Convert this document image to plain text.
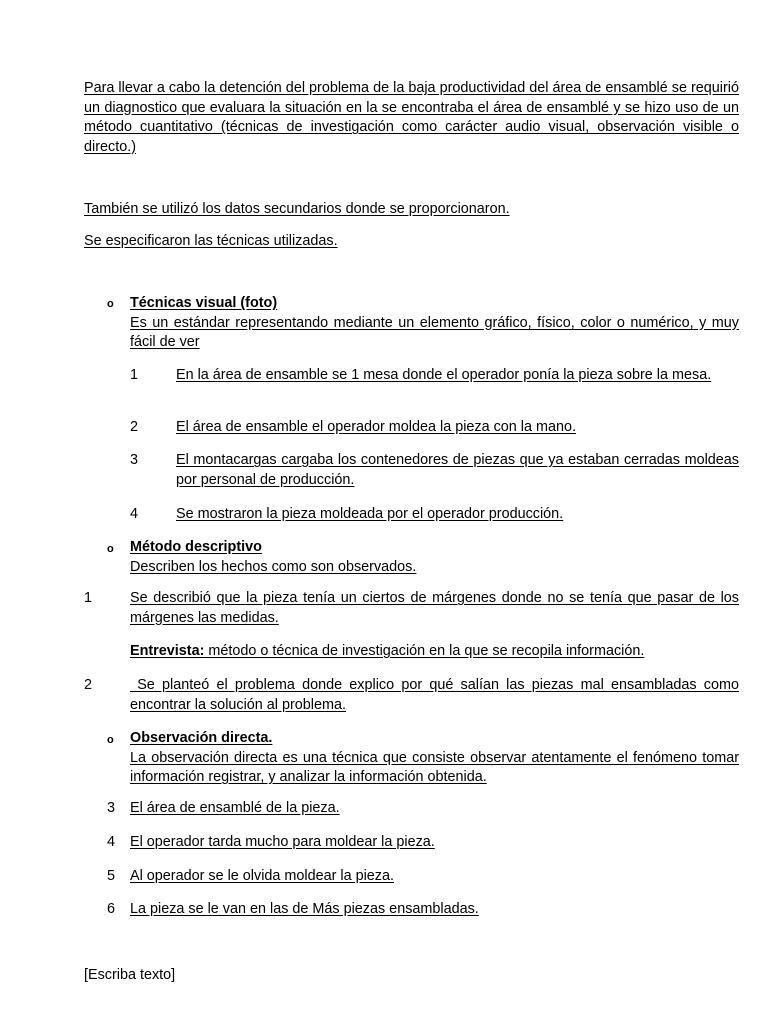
Para llevar a cabo la detención del problema de la baja productividad del área de ensamblé se requirió un diagnostico que evaluara la situación en la se encontraba el área de ensamblé y se hizo uso de un método cuantitativo (técnicas de investigación como carácter audio visual, observación visible o directo.)
También se utilizó los datos secundarios donde se proporcionaron.
Se especificaron las técnicas utilizadas.
o Técnicas visual (foto)
Es un estándar representando mediante un elemento gráfico, físico, color o numérico, y muy fácil de ver
1	En la área de ensamble se 1 mesa donde el operador ponía la pieza sobre la mesa.
2	El área de ensamble el operador moldea la pieza con la mano.
3	El montacargas cargaba los contenedores de piezas que ya estaban cerradas moldeas por personal de producción.
4	Se mostraron la pieza moldeada por el operador producción.
o Método descriptivo
Describen los hechos como son observados.
1	Se describió que la pieza tenía un ciertos de márgenes donde no se tenía que pasar de los márgenes las medidas.
Entrevista: método o técnica de investigación en la que se recopila información.
2	Se planteó el problema donde explico por qué salían las piezas mal ensambladas como encontrar la solución al problema.
o Observación directa.
La observación directa es una técnica que consiste observar atentamente el fenómeno tomar información registrar, y analizar la información obtenida.
3 El área de ensamblé de la pieza.
4 El operador tarda mucho para moldear la pieza.
5 Al operador se le olvida moldear la pieza.
6 La pieza se le van en las de Más piezas ensambladas.
[Escriba texto]
